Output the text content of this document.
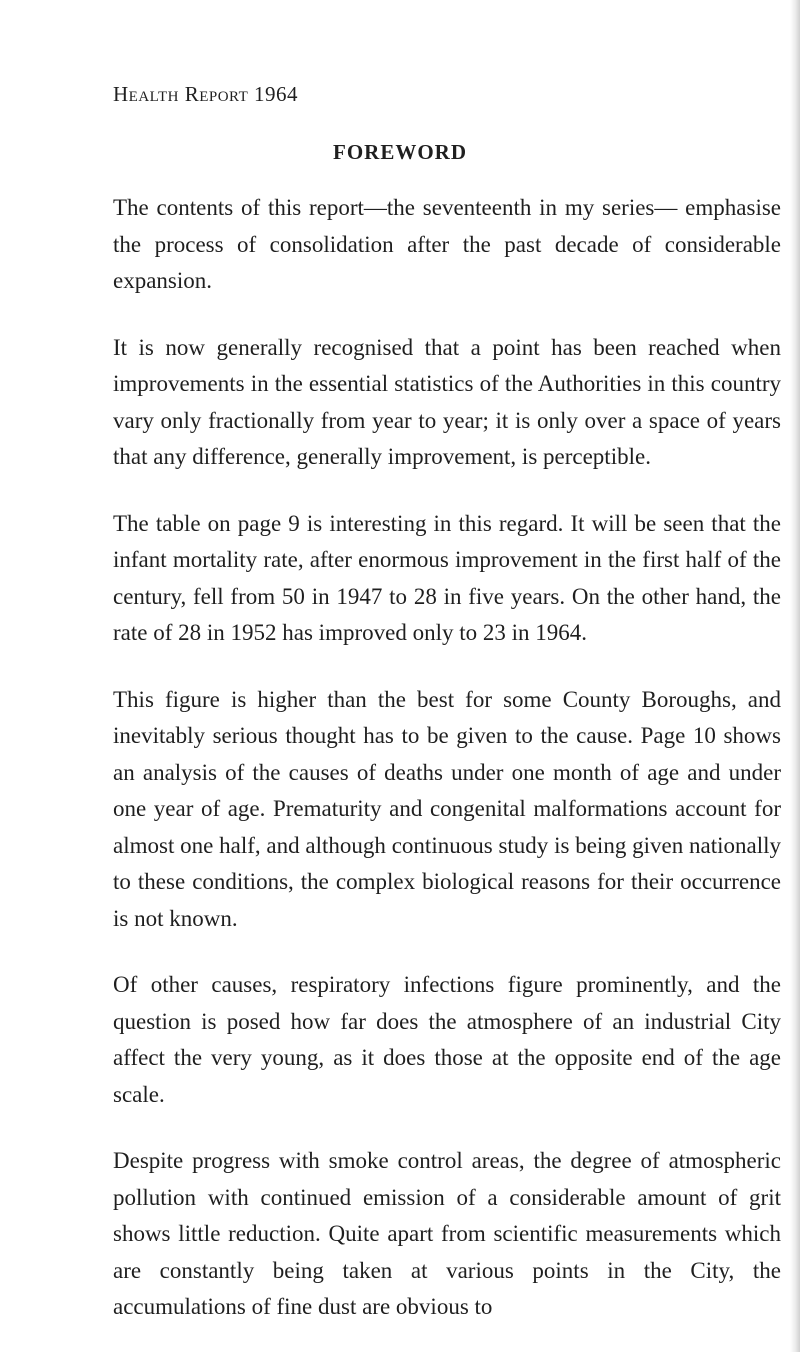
Health Report 1964
FOREWORD

The contents of this report—the seventeenth in my series— emphasise the process of consolidation after the past decade of considerable expansion.

It is now generally recognised that a point has been reached when improvements in the essential statistics of the Authorities in this country vary only fractionally from year to year; it is only over a space of years that any difference, generally improvement, is perceptible.

The table on page 9 is interesting in this regard. It will be seen that the infant mortality rate, after enormous improvement in the first half of the century, fell from 50 in 1947 to 28 in five years. On the other hand, the rate of 28 in 1952 has improved only to 23 in 1964.

This figure is higher than the best for some County Boroughs, and inevitably serious thought has to be given to the cause. Page 10 shows an analysis of the causes of deaths under one month of age and under one year of age. Prematurity and congenital malformations account for almost one half, and although continuous study is being given nationally to these conditions, the complex biological reasons for their occurrence is not known.

Of other causes, respiratory infections figure prominently, and the question is posed how far does the atmosphere of an industrial City affect the very young, as it does those at the opposite end of the age scale.

Despite progress with smoke control areas, the degree of atmospheric pollution with continued emission of a considerable amount of grit shows little reduction. Quite apart from scientific measurements which are constantly being taken at various points in the City, the accumulations of fine dust are obvious to
